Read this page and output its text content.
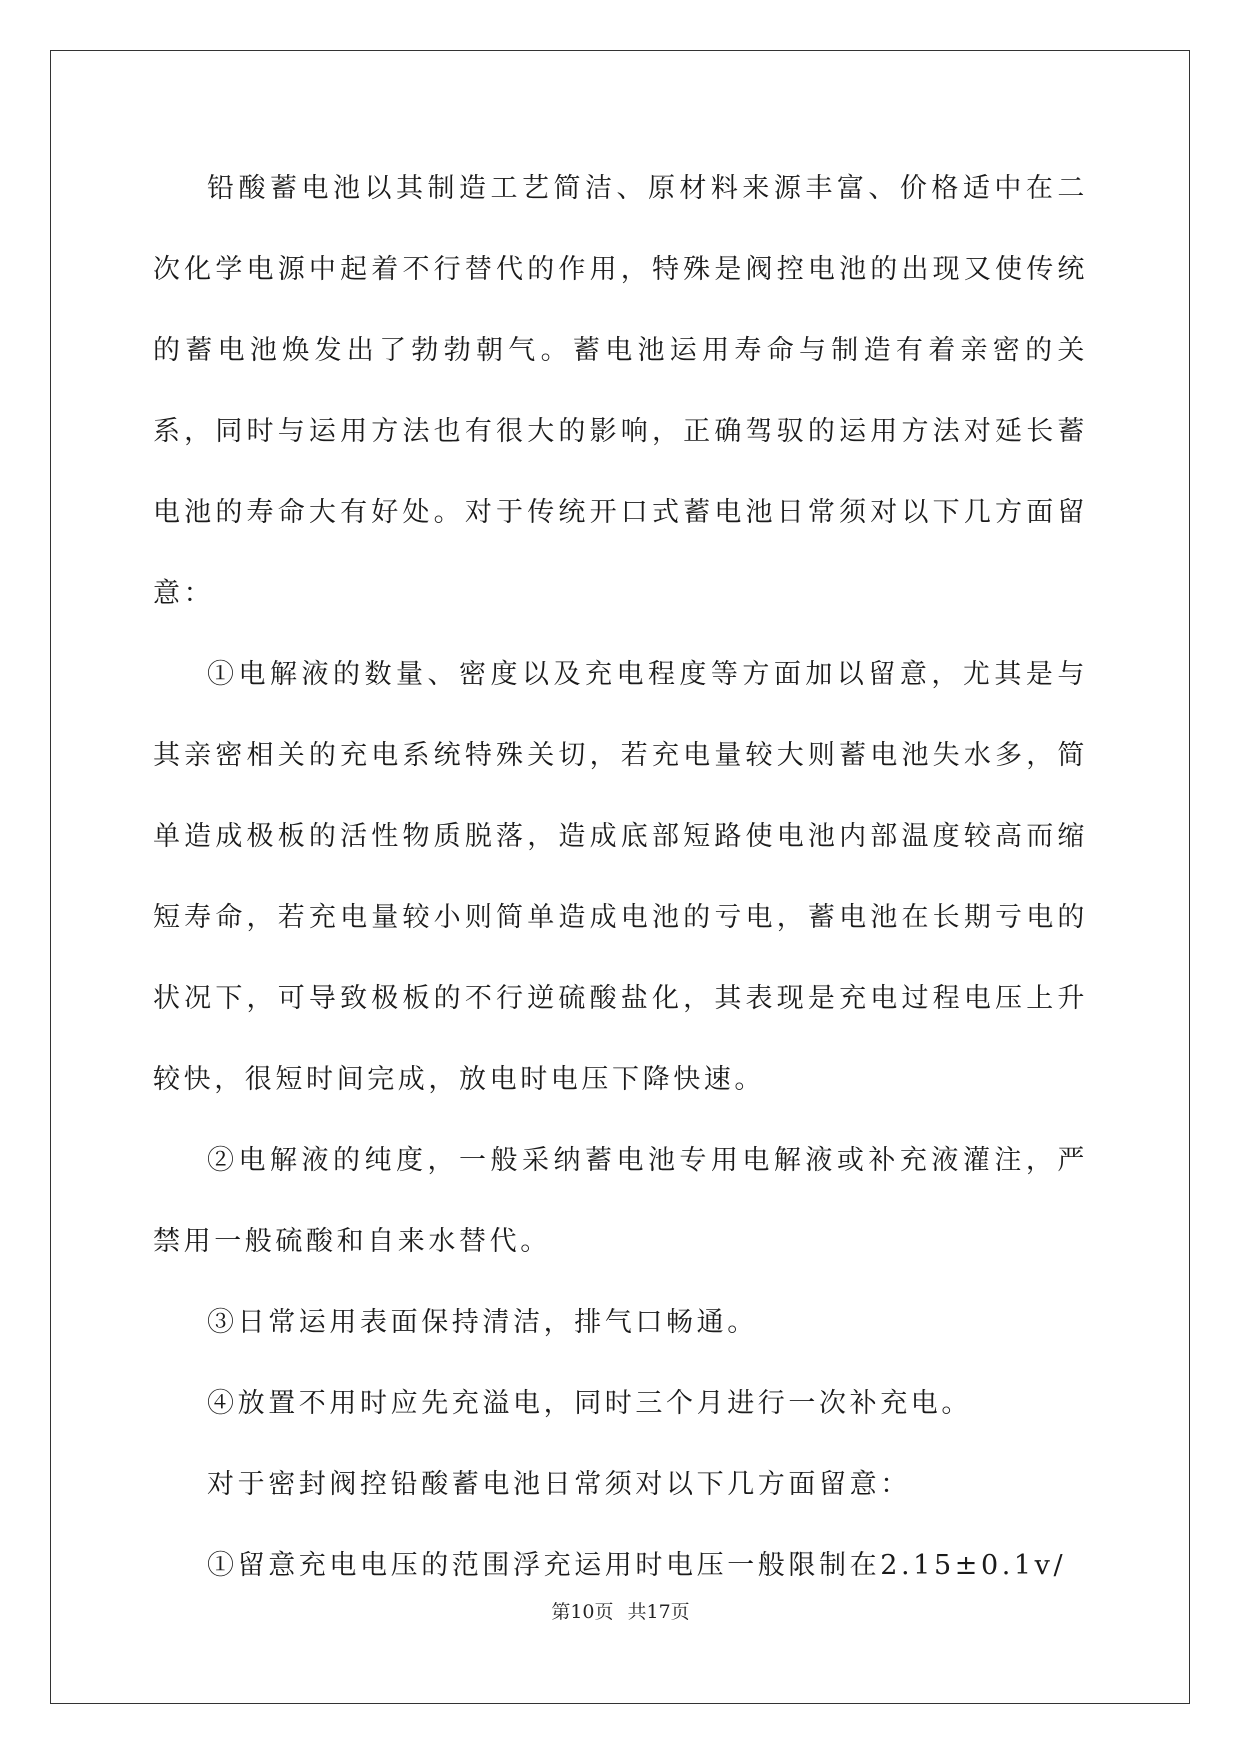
铅酸蓄电池以其制造工艺简洁、原材料来源丰富、价格适中在二次化学电源中起着不行替代的作用，特殊是阀控电池的出现又使传统的蓄电池焕发出了勃勃朝气。蓄电池运用寿命与制造有着亲密的关系，同时与运用方法也有很大的影响，正确驾驭的运用方法对延长蓄电池的寿命大有好处。对于传统开口式蓄电池日常须对以下几方面留意：

①电解液的数量、密度以及充电程度等方面加以留意，尤其是与其亲密相关的充电系统特殊关切，若充电量较大则蓄电池失水多，简单造成极板的活性物质脱落，造成底部短路使电池内部温度较高而缩短寿命，若充电量较小则简单造成电池的亏电，蓄电池在长期亏电的状况下，可导致极板的不行逆硫酸盐化，其表现是充电过程电压上升较快，很短时间完成，放电时电压下降快速。

②电解液的纯度，一般采纳蓄电池专用电解液或补充液灌注，严禁用一般硫酸和自来水替代。

③日常运用表面保持清洁，排气口畅通。

④放置不用时应先充溢电，同时三个月进行一次补充电。

对于密封阀控铅酸蓄电池日常须对以下几方面留意：

①留意充电电压的范围浮充运用时电压一般限制在2.15±0.1v/

第10页 共17页
